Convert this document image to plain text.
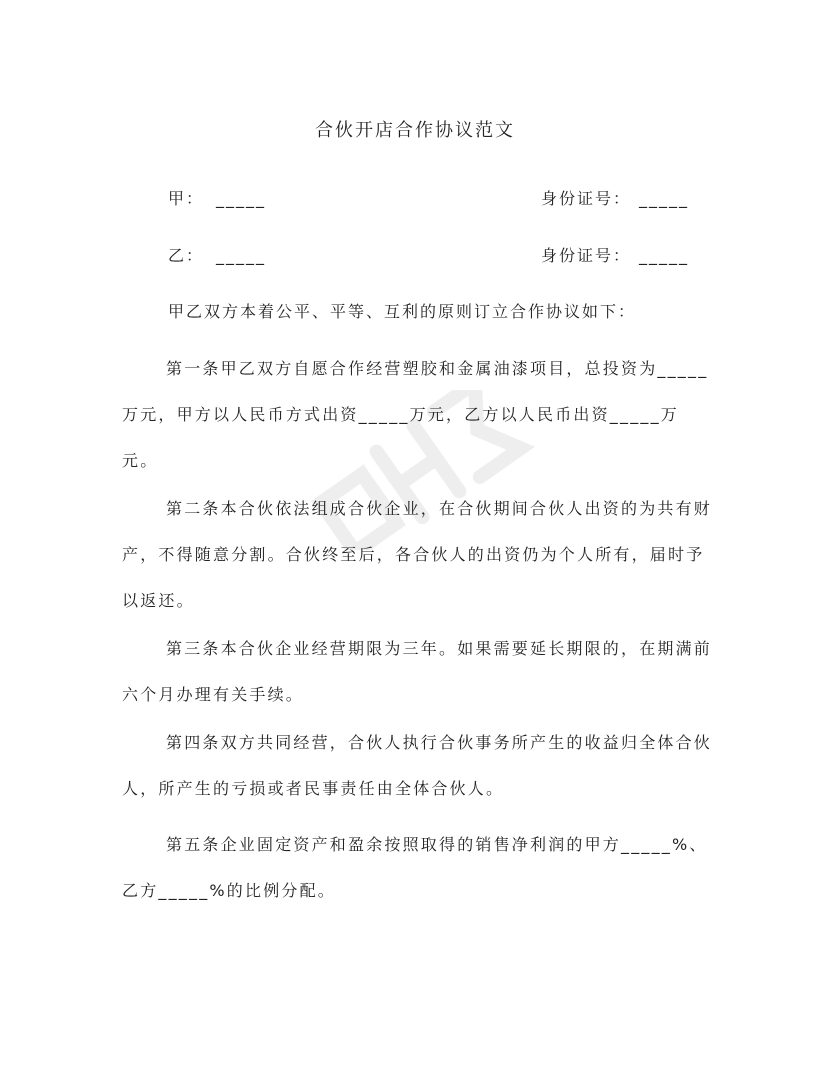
合伙开店合作协议范文
甲： _____	身份证号： _____
乙： _____	身份证号： _____
甲乙双方本着公平、平等、互利的原则订立合作协议如下：
第一条甲乙双方自愿合作经营塑胶和金属油漆项目，总投资为_____万元，甲方以人民币方式出资_____万元，乙方以人民币出资_____万元。
第二条本合伙依法组成合伙企业，在合伙期间合伙人出资的为共有财产，不得随意分割。合伙终至后，各合伙人的出资仍为个人所有，届时予以返还。
第三条本合伙企业经营期限为三年。如果需要延长期限的，在期满前六个月办理有关手续。
第四条双方共同经营，合伙人执行合伙事务所产生的收益归全体合伙人，所产生的亏损或者民事责任由全体合伙人。
第五条企业固定资产和盈余按照取得的销售净利润的甲方_____%、乙方_____%的比例分配。
